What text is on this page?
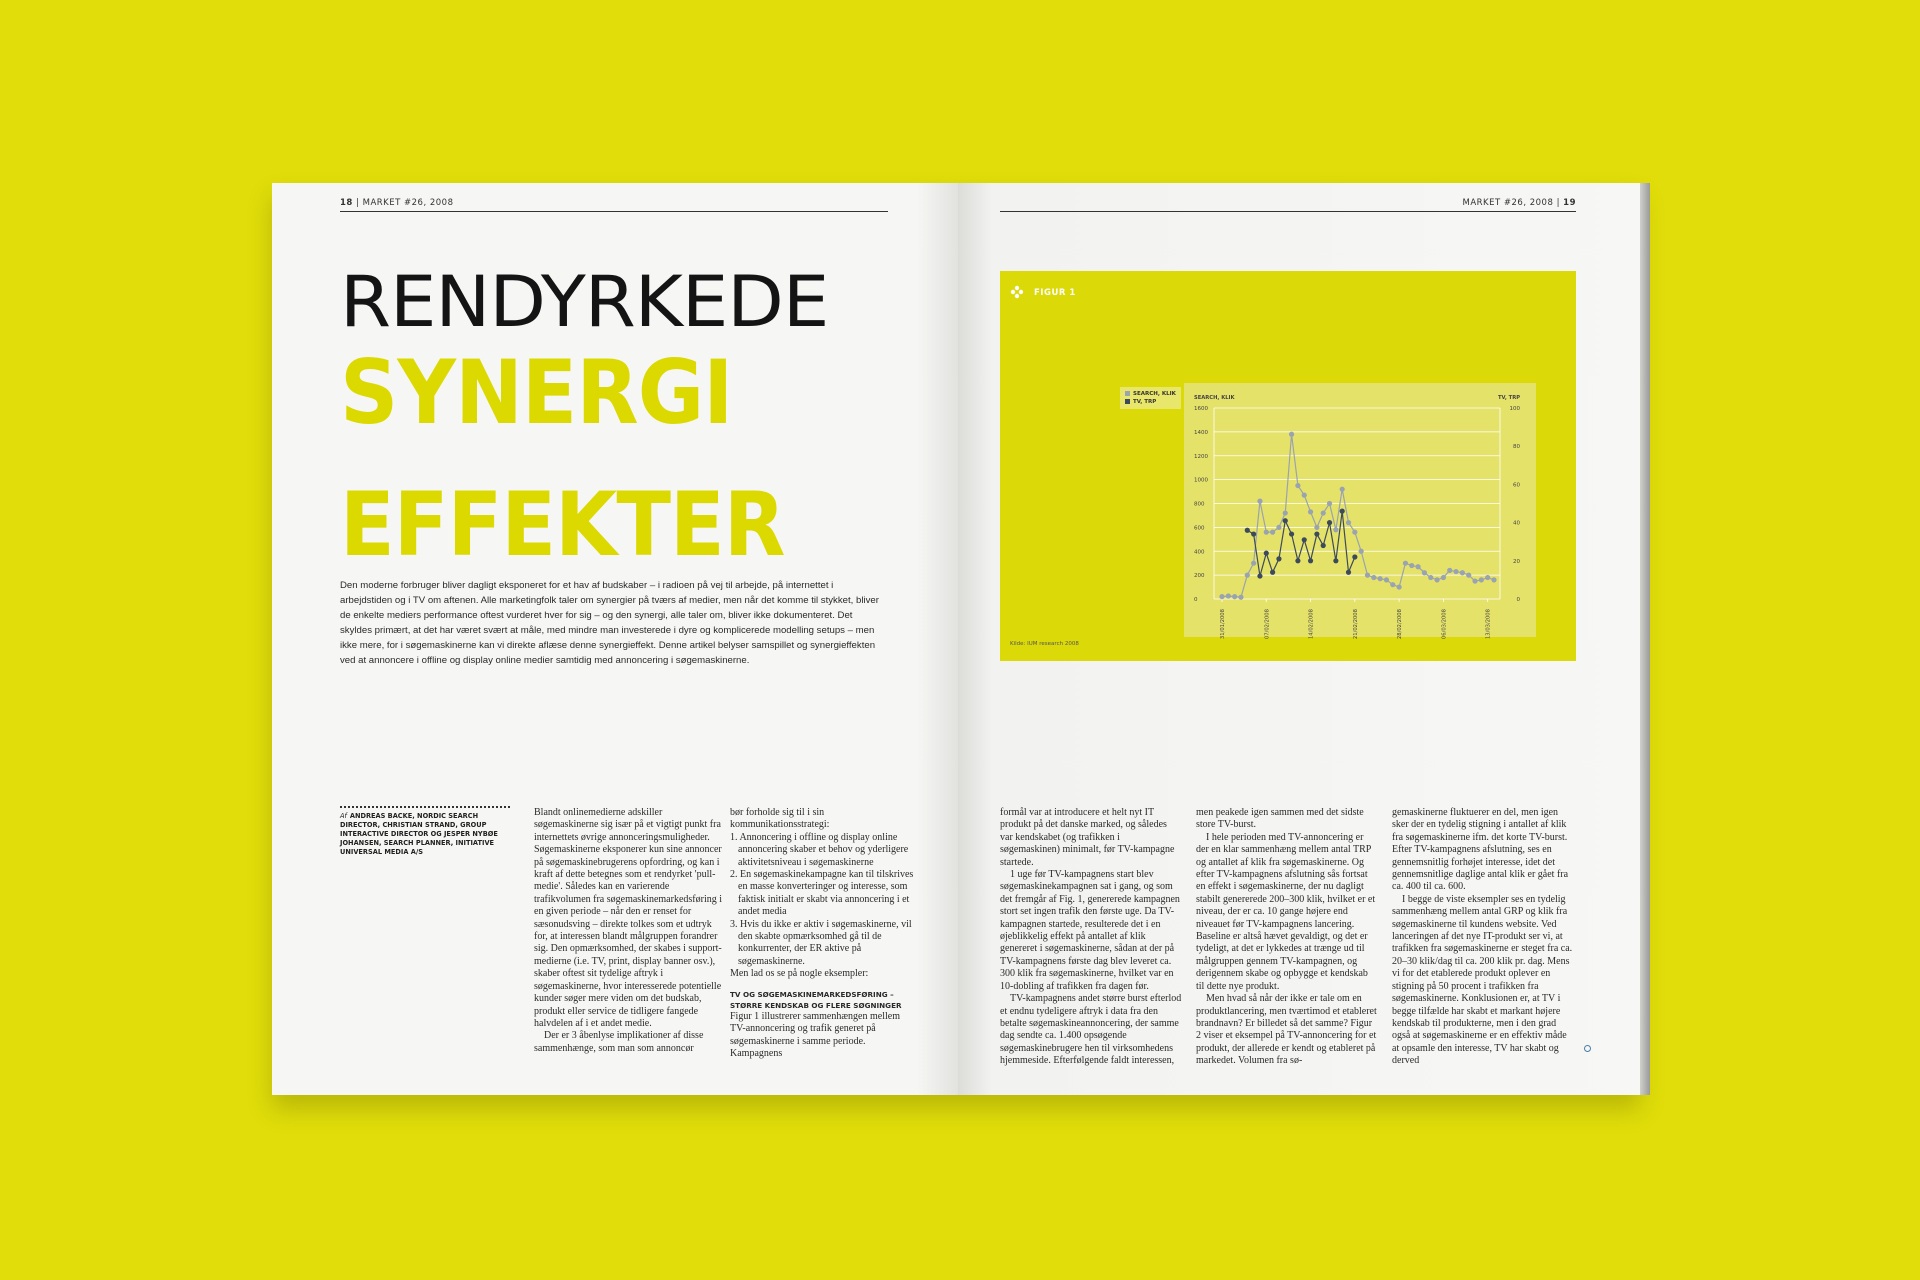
18 | MARKET #26, 2008
RENDYRKEDE
SYNERGI
EFFEKTER

Den moderne forbruger bliver dagligt eksponeret for et hav af budskaber – i radioen på vej til arbejde, på internettet i arbejdstiden og i TV om aftenen. Alle marketingfolk taler om synergier på tværs af medier, men når det komme til stykket, bliver de enkelte mediers performance oftest vurderet hver for sig – og den synergi, alle taler om, bliver ikke dokumenteret. Det skyldes primært, at det har været svært at måle, med mindre man investerede i dyre og komplicerede modelling setups – men ikke mere, for i søgemaskinerne kan vi direkte aflæse denne synergieffekt. Denne artikel belyser samspillet og synergieffekten ved at annoncere i offline og display online medier samtidig med annoncering i søgemaskinerne.

Af ANDREAS BACKE, NORDIC SEARCH DIRECTOR, CHRISTIAN STRAND, GROUP INTERACTIVE DIRECTOR OG JESPER NYBØE JOHANSEN, SEARCH PLANNER, INITIATIVE UNIVERSAL MEDIA A/S

Blandt onlinemedierne adskiller søgemaskinerne sig især på et vigtigt punkt fra internettets øvrige annonceringsmuligheder. Søgemaskinerne eksponerer kun sine annoncer på søgemaskinebrugerens opfordring, og kan i kraft af dette betegnes som et rendyrket 'pull-medie'. Således kan en varierende trafikvolumen fra søgemaskinemarkedsføring i en given periode – når den er renset for sæsonudsving – direkte tolkes som et udtryk for, at interessen blandt målgruppen forandrer sig. Den opmærksomhed, der skabes i support-medierne (i.e. TV, print, display banner osv.), skaber oftest sit tydelige aftryk i søgemaskinerne, hvor interesserede potentielle kunder søger mere viden om det budskab, produkt eller service de tidligere fangede halvdelen af i et andet medie.

Der er 3 åbenlyse implikationer af disse sammenhænge, som man som annoncør

bør forholde sig til i sin kommunikationsstrategi:

1. Annoncering i offline og display online annoncering skaber et behov og yderligere aktivitetsniveau i søgemaskinerne
2. En søgemaskinekampagne kan til tilskrives en masse konverteringer og interesse, som faktisk initialt er skabt via annoncering i et andet media
3. Hvis du ikke er aktiv i søgemaskinerne, vil den skabte opmærksomhed gå til de konkurrenter, der ER aktive på søgemaskinerne.

Men lad os se på nogle eksempler:

TV OG SØGEMASKINEMARKEDSFØRING – STØRRE KENDSKAB OG FLERE SØGNINGER

Figur 1 illustrerer sammenhængen mellem TV-annoncering og trafik generet på søgemaskinerne i samme periode. Kampagnens

MARKET #26, 2008 | 19
FIGUR 1
SEARCH, KLIK
TV, TRP
0
200
400
600
800
1000
1200
1400
1600
0
20
40
60
80
100
SEARCH, KLIK	TV, TRP
31/01/2008	07/02/2008	14/02/2008	21/02/2008	28/02/2008	06/03/2008	13/03/2008
Kilde: IUM research 2008

formål var at introducere et helt nyt IT produkt på det danske marked, og således var kendskabet (og trafikken i søgemaskinen) minimalt, før TV-kampagne startede.

1 uge før TV-kampagnens start blev søgemaskinekampagnen sat i gang, og som det fremgår af Fig. 1, genererede kampagnen stort set ingen trafik den første uge. Da TV-kampagnen startede, resulterede det i en øjeblikkelig effekt på antallet af klik genereret i søgemaskinerne, sådan at der på TV-kampagnens første dag blev leveret ca. 300 klik fra søgemaskinerne, hvilket var en 10-dobling af trafikken fra dagen før.

TV-kampagnens andet større burst efterlod et endnu tydeligere aftryk i data fra den betalte søgemaskineannoncering, der samme dag sendte ca. 1.400 opsøgende søgemaskinebrugere hen til virksomhedens hjemmeside. Efterfølgende faldt interessen,

men peakede igen sammen med det sidste store TV-burst.

I hele perioden med TV-annoncering er der en klar sammenhæng mellem antal TRP og antallet af klik fra søgemaskinerne. Og efter TV-kampagnens afslutning sås fortsat en effekt i søgemaskinerne, der nu dagligt stabilt genererede 200–300 klik, hvilket er et niveau, der er ca. 10 gange højere end niveauet før TV-kampagnens lancering. Baseline er altså hævet gevaldigt, og det er tydeligt, at det er lykkedes at trænge ud til målgruppen gennem TV-kampagnen, og derigennem skabe og opbygge et kendskab til dette nye produkt.

Men hvad så når der ikke er tale om en produktlancering, men tværtimod et etableret brandnavn? Er billedet så det samme? Figur 2 viser et eksempel på TV-annoncering for et produkt, der allerede er kendt og etableret på markedet. Volumen fra sø-

gemaskinerne fluktuerer en del, men igen sker der en tydelig stigning i antallet af klik fra søgemaskinerne ifm. det korte TV-burst. Efter TV-kampagnens afslutning, ses en gennemsnitlig forhøjet interesse, idet det gennemsnitlige daglige antal klik er gået fra ca. 400 til ca. 600.

I begge de viste eksempler ses en tydelig sammenhæng mellem antal GRP og klik fra søgemaskinerne til kundens website. Ved lanceringen af det nye IT-produkt ser vi, at trafikken fra søgemaskinerne er steget fra ca. 20–30 klik/dag til ca. 200 klik pr. dag. Mens vi for det etablerede produkt oplever en stigning på 50 procent i trafikken fra søgemaskinerne. Konklusionen er, at TV i begge tilfælde har skabt et markant højere kendskab til produkterne, men i den grad også at søgemaskinerne er en effektiv måde at opsamle den interesse, TV har skabt og derved
